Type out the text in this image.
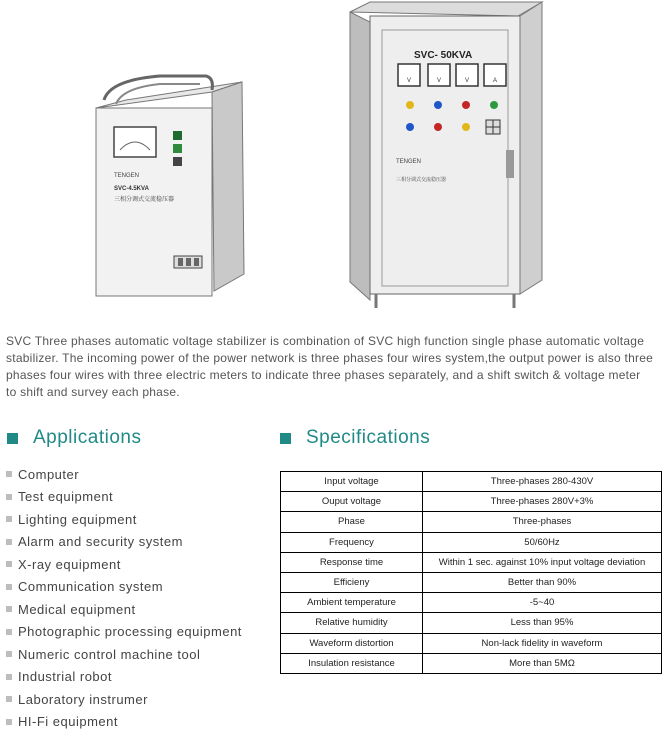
TENGEN
SVC-4.5KVA
三相分调式交流稳压器
SVC- 50KVA
V	V	V	A
TENGEN
三相分调式交流稳压器
SVC Three phases automatic voltage stabilizer is combination of SVC high function single phase automatic voltage
stabilizer. The incoming power of the power network is three phases four wires system,the output power is also three
phases four wires with three electric meters to indicate three phases separately, and a shift switch & voltage meter
to shift and survey each phase.
Applications
Computer
Test equipment
Lighting equipment
Alarm and security system
X-ray equipment
Communication system
Medical equipment
Photographic processing equipment
Numeric control machine tool
Industrial robot
Laboratory instrumer
HI-Fi equipment
Specifications
Input voltage	Three-phases 280-430V
Ouput voltage	Three-phases 280V+3%
Phase	Three-phases
Frequency	50/60Hz
Response time	Within 1 sec. against 10% input voltage deviation
Efficieny	Better than 90%
Ambient temperature	-5~40
Relative humidity	Less than 95%
Waveform distortion	Non-lack fidelity in waveform
Insulation resistance	More than 5MΩ
